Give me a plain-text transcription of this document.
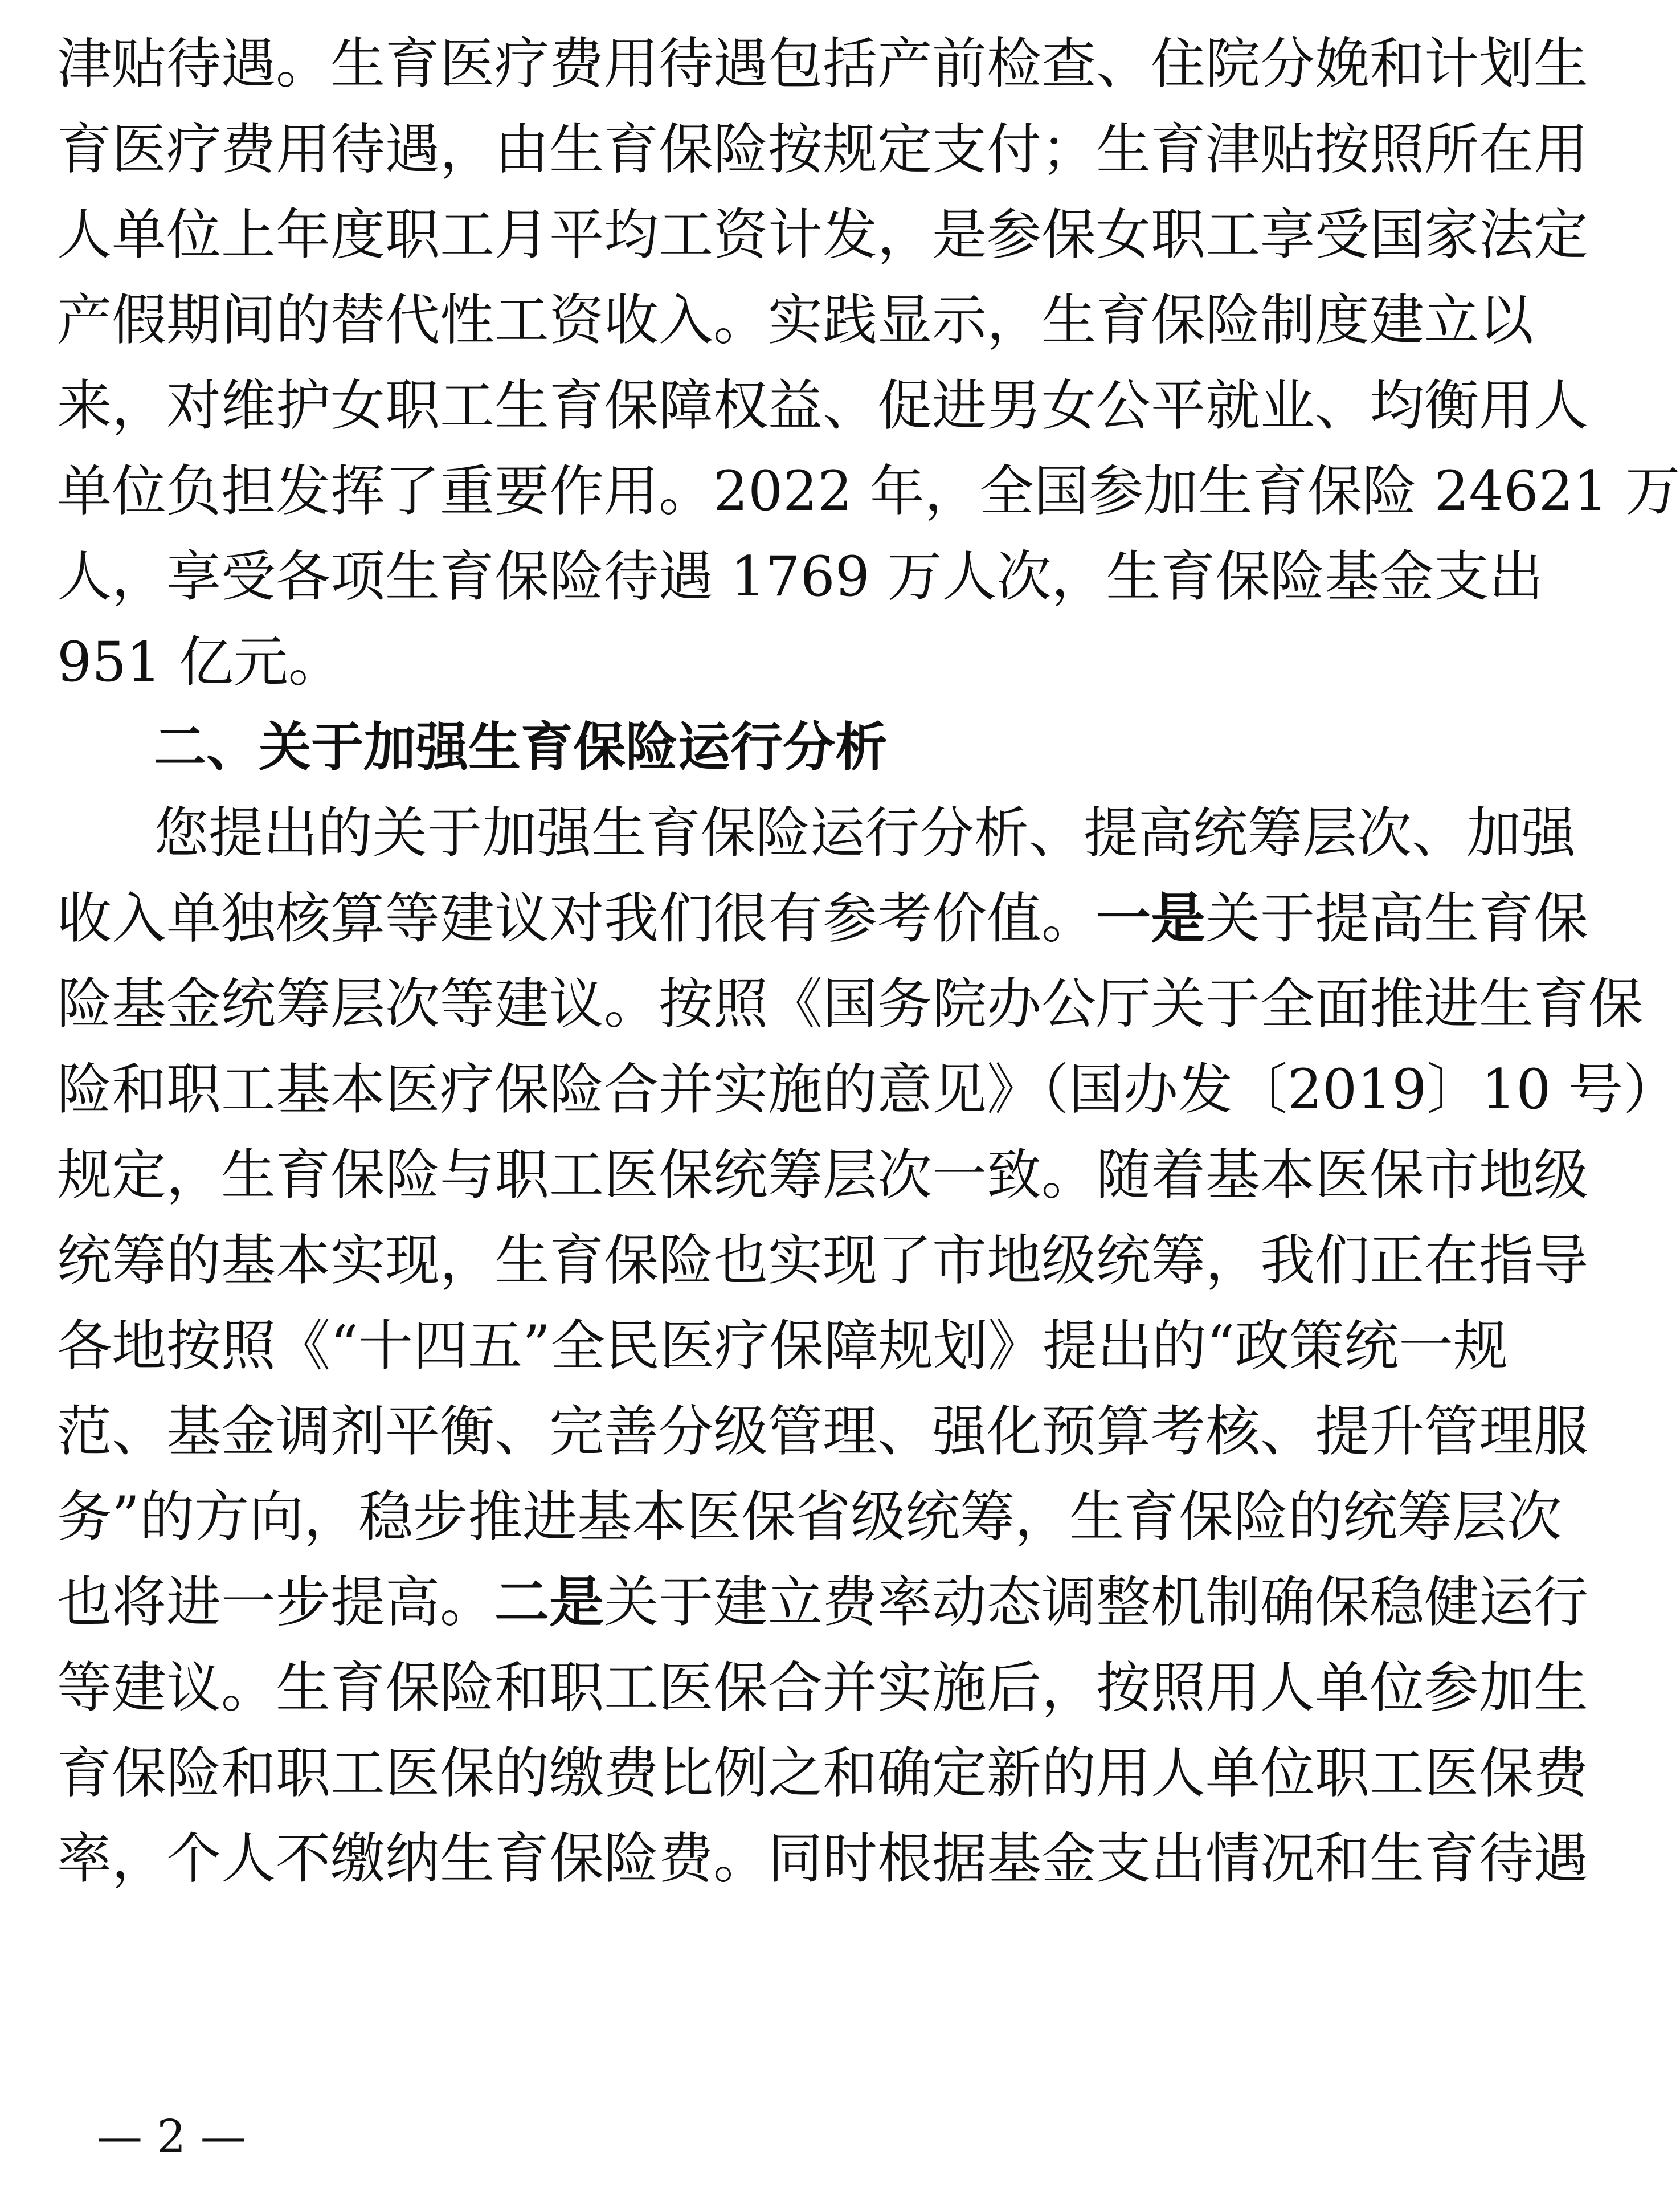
津贴待遇。生育医疗费用待遇包括产前检查、住院分娩和计划生
育医疗费用待遇，由生育保险按规定支付；生育津贴按照所在用
人单位上年度职工月平均工资计发，是参保女职工享受国家法定
产假期间的替代性工资收入。实践显示，生育保险制度建立以
来，对维护女职工生育保障权益、促进男女公平就业、均衡用人
单位负担发挥了重要作用。2022 年，全国参加生育保险 24621 万
人，享受各项生育保险待遇 1769 万人次，生育保险基金支出
951 亿元。
二、关于加强生育保险运行分析
您提出的关于加强生育保险运行分析、提高统筹层次、加强
收入单独核算等建议对我们很有参考价值。一是关于提高生育保
险基金统筹层次等建议。按照《国务院办公厅关于全面推进生育保
险和职工基本医疗保险合并实施的意见》（国办发〔2019〕10 号）
规定，生育保险与职工医保统筹层次一致。随着基本医保市地级
统筹的基本实现，生育保险也实现了市地级统筹，我们正在指导
各地按照《“十四五”全民医疗保障规划》提出的“政策统一规
范、基金调剂平衡、完善分级管理、强化预算考核、提升管理服
务”的方向，稳步推进基本医保省级统筹，生育保险的统筹层次
也将进一步提高。二是关于建立费率动态调整机制确保稳健运行
等建议。生育保险和职工医保合并实施后，按照用人单位参加生
育保险和职工医保的缴费比例之和确定新的用人单位职工医保费
率，个人不缴纳生育保险费。同时根据基金支出情况和生育待遇
— 2 —
